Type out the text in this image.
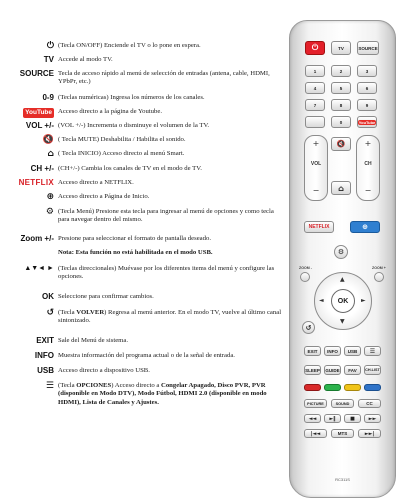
⏻ (Tecla ON/OFF) Enciende el TV o lo pone en espera.
TV Accede al modo TV.
SOURCE Tecla de acceso rápido al menú de selección de entradas (antena, cable, HDMI, YPbPr, etc.)
0-9 (Teclas numéricas) Ingresa los números de los canales.
YouTube Acceso directo a la página de Youtube.
VOL +/- (VOL +/-) Incrementa o disminuye el volumen de la TV.
🔇 ( Tecla MUTE) Deshabilita / Habilita el sonido.
⌂ ( Tecla INICIO) Acceso directo al menú Smart.
CH +/- (CH+/-) Cambia los canales de TV en el modo de TV.
NETFLIX Acceso directo a NETFLIX.
⊕ Acceso directo a Página de Inicio.
⚙ (Tecla Menú) Presione esta tecla para ingresar al menú de opciones y como tecla para navegar dentro del mismo.
Zoom +/- Presione para seleccionar el formato de pantalla deseado.
Nota: Esta función no está habilitada en el modo USB.
▲▼◄ ► (Teclas direccionales) Muévase por los diferentes items del menú y configure las opciones.
OK Seleccione para confirmar cambios.
↺ (Tecla VOLVER) Regresa al menú anterior. En el modo TV, vuelve al último canal sintonizado.
EXIT Sale del Menú de sistema.
INFO Muestra información del programa actual o de la señal de entrada.
USB Acceso directo a dispositivo USB.
☰ (Tecla OPCIONES) Acceso directo a Congelar Apagado, Disco PVR, PVR (disponible en Modo DTV), Modo Fútbol, HDMI 2.0 (disponible en modo HDMI), Lista de Canales y Ajustes.
⏻	TV	SOURCE
1	2	3
4	5	6
7	8	9
0	YouTube
+
VOL
−
🔇
⌂
+
CH
−
NETFLIX	⊕
⚙
ZOOM -	ZOOM +
▲
▼
◄	►
OK
↺
EXIT	INFO	USB	☰
SLEEP	GUIDE	FAV	CH.LIST
PICTURE	SOUND	CC
◄◄	►‖	■	►►
|◄◄	MTS	►►|
RC311S
